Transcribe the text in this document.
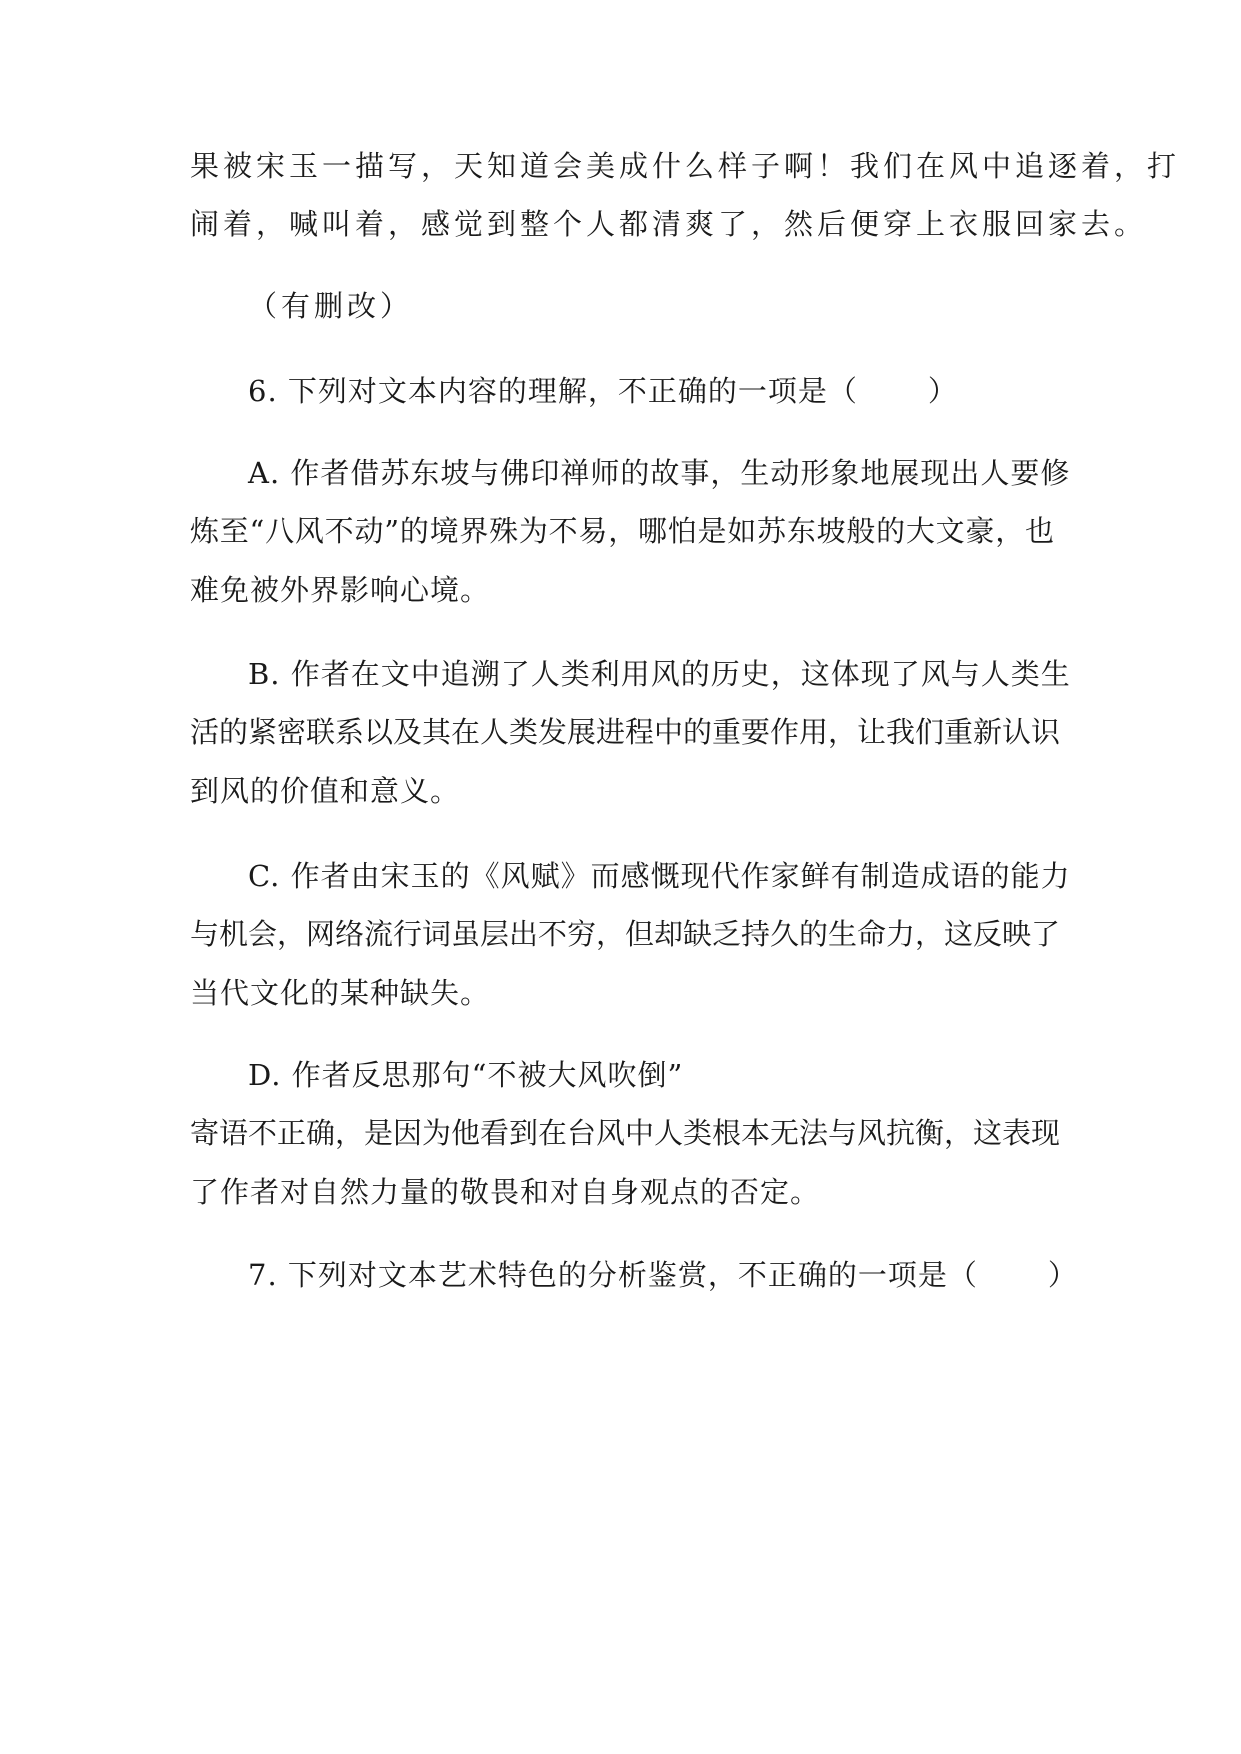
果被宋玉一描写，天知道会美成什么样子啊！我们在风中追逐着，打
闹着，喊叫着，感觉到整个人都清爽了，然后便穿上衣服回家去。
（有删改）
6. 下列对文本内容的理解，不正确的一项是（ ）
A. 作者借苏东坡与佛印禅师的故事，生动形象地展现出人要修
炼至“八风不动”的境界殊为不易，哪怕是如苏东坡般的大文豪，也
难免被外界影响心境。
B. 作者在文中追溯了人类利用风的历史，这体现了风与人类生
活的紧密联系以及其在人类发展进程中的重要作用，让我们重新认识
到风的价值和意义。
C. 作者由宋玉的《风赋》而感慨现代作家鲜有制造成语的能力
与机会，网络流行词虽层出不穷，但却缺乏持久的生命力，这反映了
当代文化的某种缺失。
D. 作者反思那句“不被大风吹倒”
寄语不正确，是因为他看到在台风中人类根本无法与风抗衡，这表现
了作者对自然力量的敬畏和对自身观点的否定。
7. 下列对文本艺术特色的分析鉴赏，不正确的一项是（ ）
